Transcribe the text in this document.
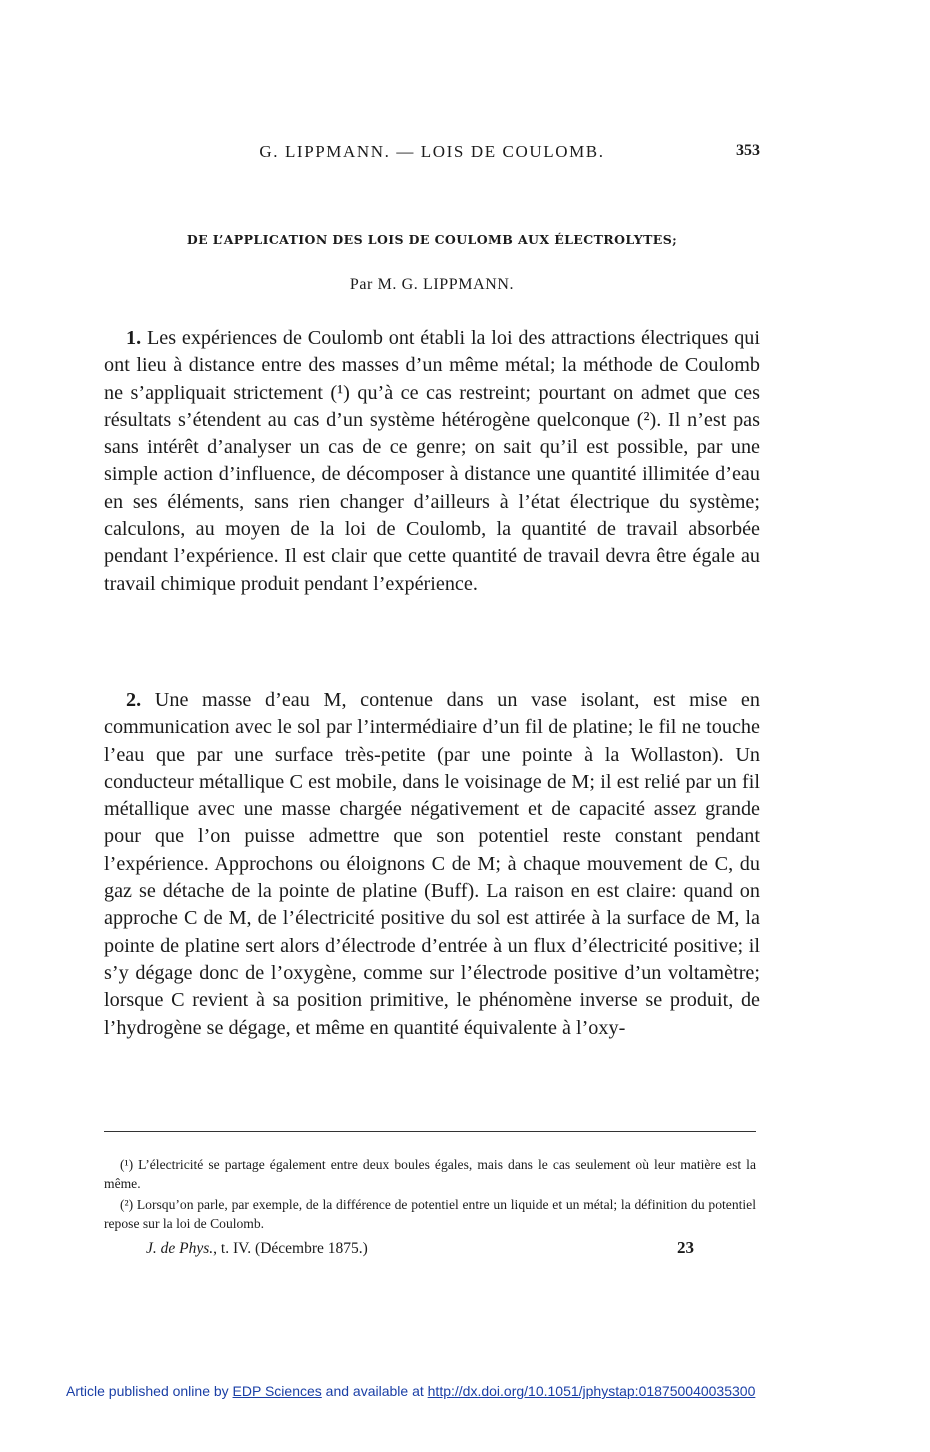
G. LIPPMANN. — LOIS DE COULOMB.	353
DE L’APPLICATION DES LOIS DE COULOMB AUX ÉLECTROLYTES;
Par M. G. LIPPMANN.
1. Les expériences de Coulomb ont établi la loi des attractions électriques qui ont lieu à distance entre des masses d’un même métal; la méthode de Coulomb ne s’appliquait strictement (¹) qu’à ce cas restreint; pourtant on admet que ces résultats s’étendent au cas d’un système hétérogène quelconque (²). Il n’est pas sans intérêt d’analyser un cas de ce genre; on sait qu’il est possible, par une simple action d’influence, de décomposer à distance une quantité illimitée d’eau en ses éléments, sans rien changer d’ailleurs à l’état électrique du système; calculons, au moyen de la loi de Coulomb, la quantité de travail absorbée pendant l’expérience. Il est clair que cette quantité de travail devra être égale au travail chimique produit pendant l’expérience.
2. Une masse d’eau M, contenue dans un vase isolant, est mise en communication avec le sol par l’intermédiaire d’un fil de platine; le fil ne touche l’eau que par une surface très-petite (par une pointe à la Wollaston). Un conducteur métallique C est mobile, dans le voisinage de M; il est relié par un fil métallique avec une masse chargée négativement et de capacité assez grande pour que l’on puisse admettre que son potentiel reste constant pendant l’expérience. Approchons ou éloignons C de M; à chaque mouvement de C, du gaz se détache de la pointe de platine (Buff). La raison en est claire: quand on approche C de M, de l’électricité positive du sol est attirée à la surface de M, la pointe de platine sert alors d’électrode d’entrée à un flux d’électricité positive; il s’y dégage donc de l’oxygène, comme sur l’électrode positive d’un voltamètre; lorsque C revient à sa position primitive, le phénomène inverse se produit, de l’hydrogène se dégage, et même en quantité équivalente à l’oxy-
(¹) L’électricité se partage également entre deux boules égales, mais dans le cas seulement où leur matière est la même.
(²) Lorsqu’on parle, par exemple, de la différence de potentiel entre un liquide et un métal; la définition du potentiel repose sur la loi de Coulomb.
J. de Phys., t. IV. (Décembre 1875.)	23
Article published online by EDP Sciences and available at http://dx.doi.org/10.1051/jphystap:018750040035300
